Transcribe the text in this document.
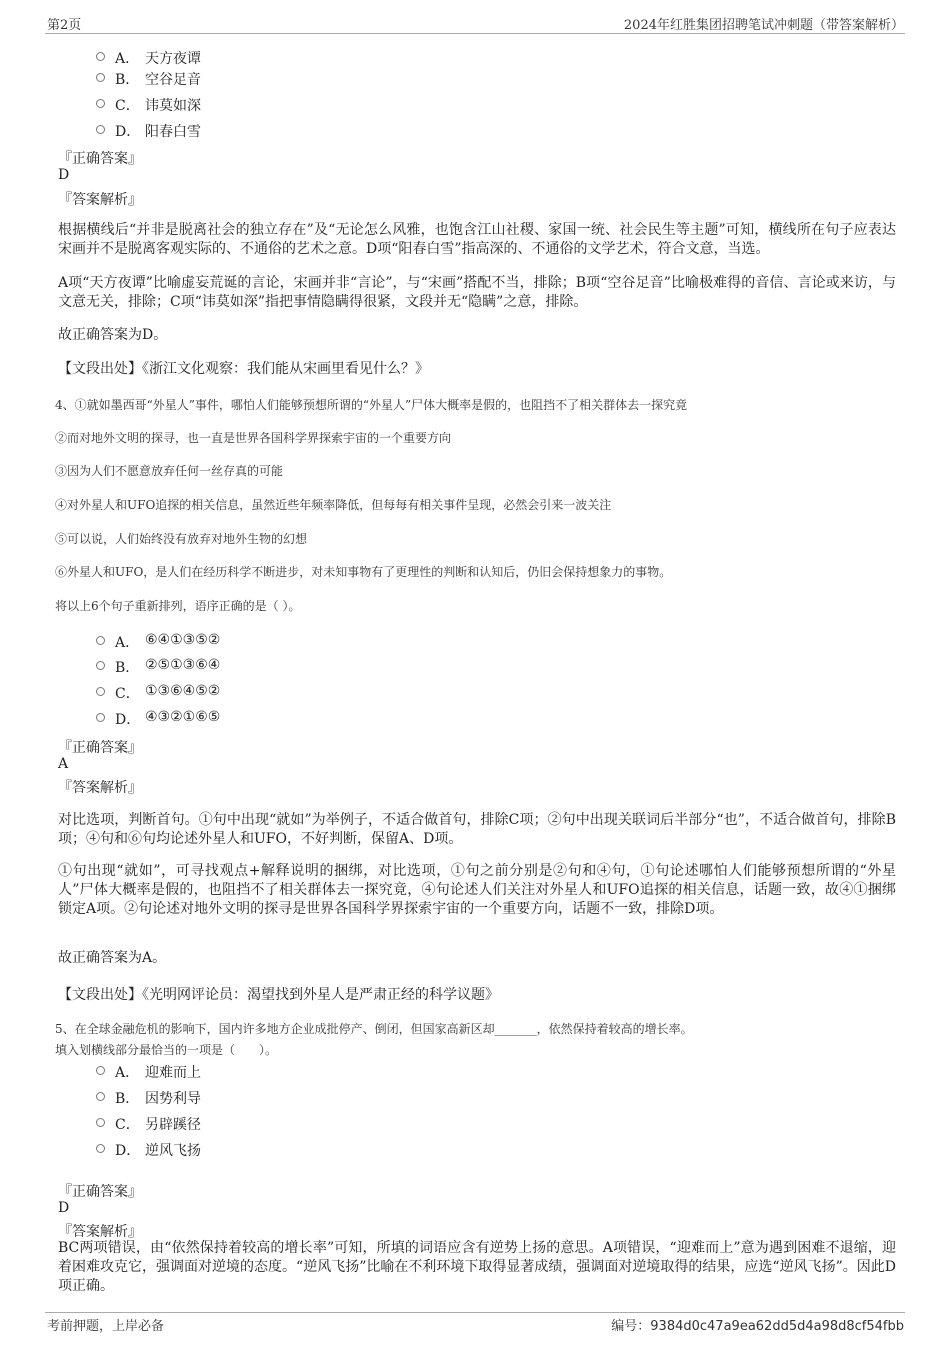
第2页	2024年红胜集团招聘笔试冲刺题（带答案解析）
A． 天方夜谭
B． 空谷足音
C． 讳莫如深
D． 阳春白雪
『正确答案』
D
『答案解析』
根据横线后“并非是脱离社会的独立存在”及“无论怎么风雅，也饱含江山社稷、家国一统、社会民生等主题”可知，横线所在句子应表达宋画并不是脱离客观实际的、不通俗的艺术之意。D项“阳春白雪”指高深的、不通俗的文学艺术，符合文意，当选。
A项“天方夜谭”比喻虚妄荒诞的言论，宋画并非“言论”，与“宋画”搭配不当，排除；B项“空谷足音”比喻极难得的音信、言论或来访，与文意无关，排除；C项“讳莫如深”指把事情隐瞒得很紧，文段并无“隐瞒”之意，排除。
故正确答案为D。
【文段出处】《浙江文化观察：我们能从宋画里看见什么？》
4、①就如墨西哥“外星人”事件，哪怕人们能够预想所谓的“外星人”尸体大概率是假的，也阻挡不了相关群体去一探究竟
②而对地外文明的探寻，也一直是世界各国科学界探索宇宙的一个重要方向
③因为人们不愿意放弃任何一丝存真的可能
④对外星人和UFO追探的相关信息，虽然近些年频率降低，但每每有相关事件呈现，必然会引来一波关注
⑤可以说，人们始终没有放弃对地外生物的幻想
⑥外星人和UFO，是人们在经历科学不断进步，对未知事物有了更理性的判断和认知后，仍旧会保持想象力的事物。
将以上6个句子重新排列，语序正确的是（ ）。
A． ⑥④①③⑤②
B． ②⑤①③⑥④
C． ①③⑥④⑤②
D． ④③②①⑥⑤
『正确答案』
A
『答案解析』
对比选项，判断首句。①句中出现“就如”为举例子，不适合做首句，排除C项；②句中出现关联词后半部分“也”，不适合做首句，排除B项；④句和⑥句均论述外星人和UFO，不好判断，保留A、D项。
①句出现“就如”，可寻找观点+解释说明的捆绑，对比选项，①句之前分别是②句和④句，①句论述哪怕人们能够预想所谓的“外星人”尸体大概率是假的，也阻挡不了相关群体去一探究竟，④句论述人们关注对外星人和UFO追探的相关信息，话题一致，故④①捆绑锁定A项。②句论述对地外文明的探寻是世界各国科学界探索宇宙的一个重要方向，话题不一致，排除D项。
故正确答案为A。
【文段出处】《光明网评论员：渴望找到外星人是严肃正经的科学议题》
5、在全球金融危机的影响下，国内许多地方企业成批停产、倒闭，但国家高新区却_______，依然保持着较高的增长率。
填入划横线部分最恰当的一项是（　　）。
A． 迎难而上
B． 因势利导
C． 另辟蹊径
D． 逆风飞扬
『正确答案』
D
『答案解析』
BC两项错误，由“依然保持着较高的增长率”可知，所填的词语应含有逆势上扬的意思。A项错误，“迎难而上”意为遇到困难不退缩，迎着困难攻克它，强调面对逆境的态度。“逆风飞扬”比喻在不利环境下取得显著成绩，强调面对逆境取得的结果，应选“逆风飞扬”。因此D项正确。
考前押题，上岸必备	编号：9384d0c47a9ea62dd5d4a98d8cf54fbb
